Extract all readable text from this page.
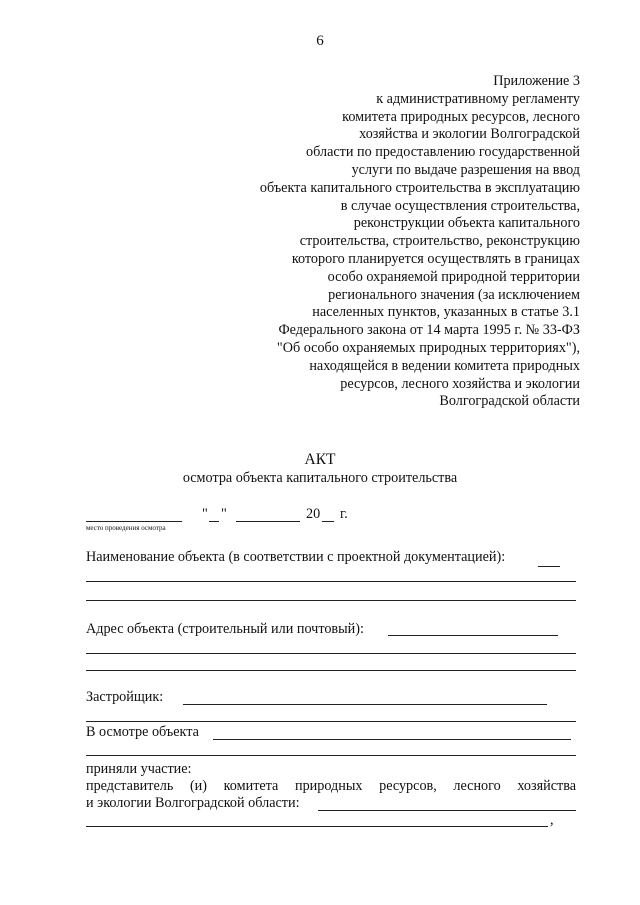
6
Приложение 3
к административному регламенту
комитета природных ресурсов, лесного
хозяйства и экологии Волгоградской
области по предоставлению государственной
услуги по выдаче разрешения на ввод
объекта капитального строительства в эксплуатацию
в случае осуществления строительства,
реконструкции объекта капитального
строительства, строительство, реконструкцию
которого планируется осуществлять в границах
особо охраняемой природной территории
регионального значения (за исключением
населенных пунктов, указанных в статье 3.1
Федерального закона от 14 марта 1995 г. № 33-ФЗ
"Об особо охраняемых природных территориях"),
находящейся в ведении комитета природных
ресурсов, лесного хозяйства и экологии
Волгоградской области
АКТ
осмотра объекта капитального строительства
" "	20 г.
место проведения осмотра
Наименование объекта (в соответствии с проектной документацией):
Адрес объекта (строительный или почтовый):
Застройщик:
В осмотре объекта
приняли участие:
представитель (и) комитета природных ресурсов, лесного хозяйства
и экологии Волгоградской области:
,
